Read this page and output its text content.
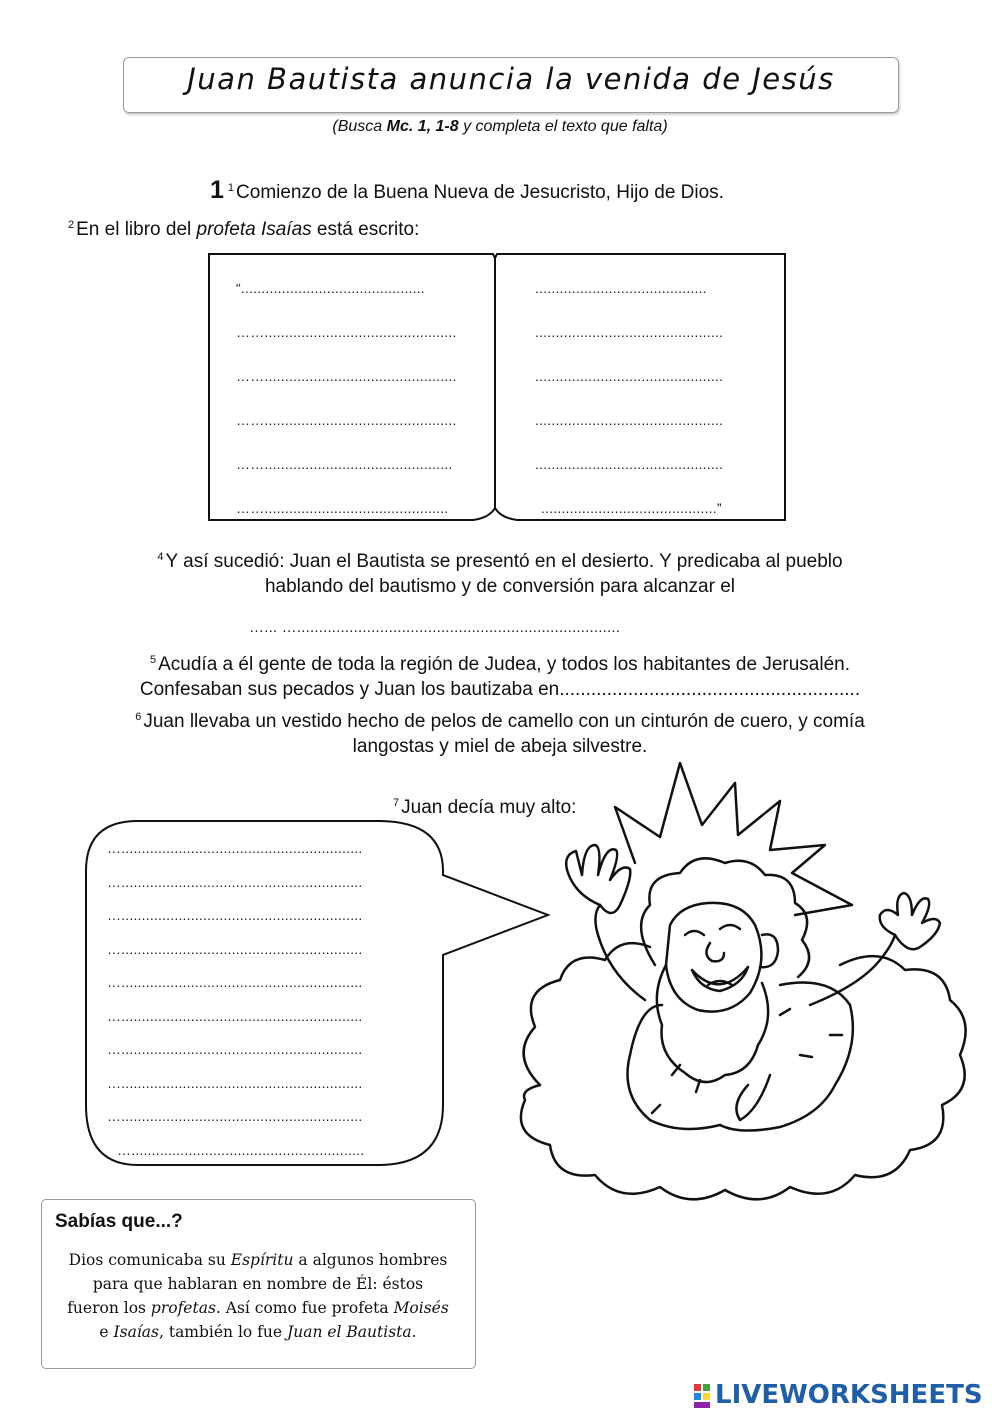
Juan Bautista anuncia la venida de Jesús
(Busca Mc. 1, 1-8 y completa el texto que falta)
1 $^1$ Comienzo de la Buena Nueva de Jesucristo, Hijo de Dios.
$^2$ En el libro del profeta Isaías está escrito:
“.............................................
……...............................................
……...............................................
……...............................................
……..............................................
…….............................................
..........................................
..............................................
..............................................
..............................................
..............................................
...........................................”
$^4$ Y así sucedió: Juan el Bautista se presentó en el desierto. Y predicaba al pueblo
hablando del bautismo y de conversión para alcanzar el
…... …..........................................................................
$^5$ Acudía a él gente de toda la región de Judea, y todos los habitantes de Jerusalén.
Confesaban sus pecados y Juan los bautizaba en.........................................................
$^6$ Juan llevaba un vestido hecho de pelos de camello con un cinturón de cuero, y comía
langostas y miel de abeja silvestre.
$^7$ Juan decía muy alto:
…...........................................................
…...........................................................
…...........................................................
…...........................................................
…...........................................................
…...........................................................
…...........................................................
…...........................................................
…...........................................................
….........................................................
Sabías que...?
Dios comunicaba su Espíritu a algunos hombres
para que hablaran en nombre de Él: éstos
fueron los profetas. Así como fue profeta Moisés
e Isaías, también lo fue Juan el Bautista.
LIVEWORKSHEETS
